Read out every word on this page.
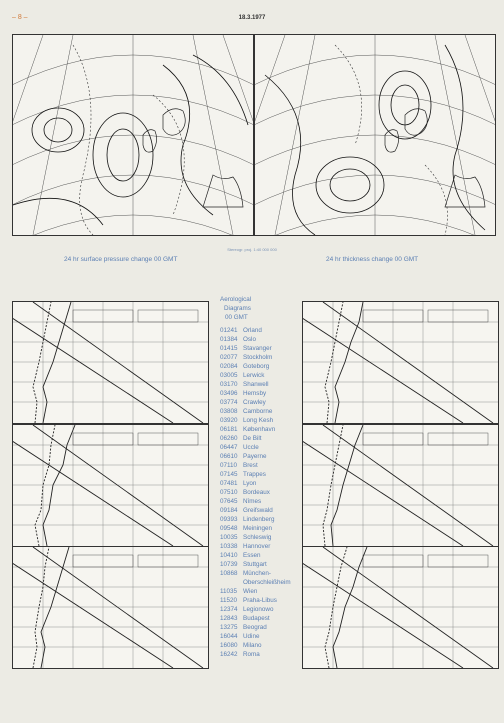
– 8 –	18.3.1977
Stereogr. proj. 1:40 000 000
24 hr surface pressure change 00 GMT	24 hr thickness change 00 GMT
Aerological
Diagrams
00 GMT
01241 Orland
01384 Oslo
01415 Stavanger
02077 Stockholm
02084 Goteborg
03005 Lerwick
03170 Shanwell
03496 Hemsby
03774 Crawley
03808 Camborne
03920 Long Kesh
06181 København
06260 De Bilt
06447 Uccle
06610 Payerne
07110 Brest
07145 Trappes
07481 Lyon
07510 Bordeaux
07645 Nîmes
09184 Greifswald
09393 Lindenberg
09548 Meiningen
10035 Schleswig
10338 Hannover
10410 Essen
10739 Stuttgart
10868 München-
Oberschleißheim
11035 Wien
11520 Praha-Libus
12374 Legionowo
12843 Budapest
13275 Beograd
16044 Udine
16080 Milano
16242 Roma
